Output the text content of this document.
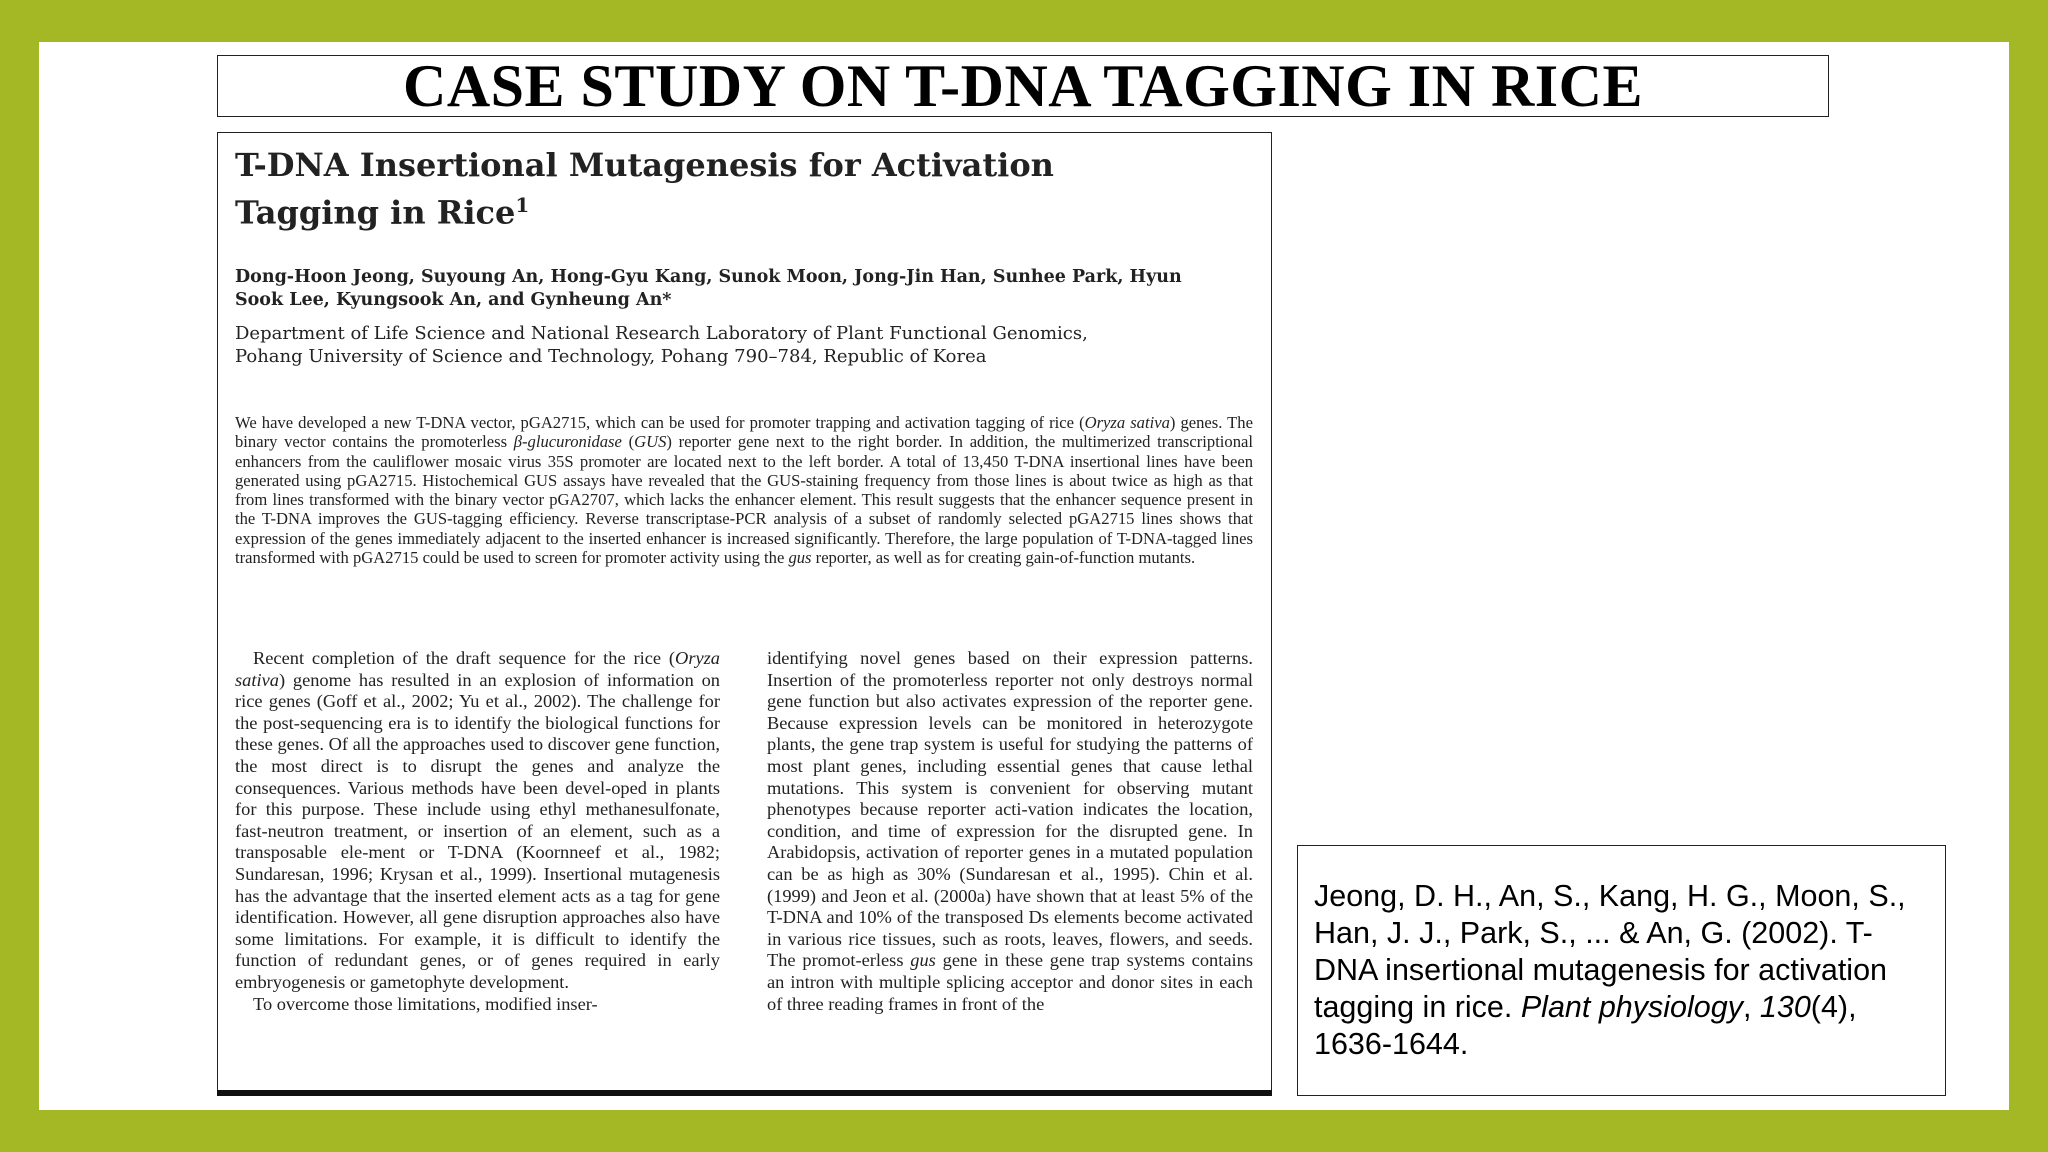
CASE STUDY ON T-DNA TAGGING IN RICE
T-DNA Insertional Mutagenesis for Activation
Tagging in Rice$^1$
Dong-Hoon Jeong, Suyoung An, Hong-Gyu Kang, Sunok Moon, Jong-Jin Han, Sunhee Park, Hyun Sook Lee, Kyungsook An, and Gynheung An*
Department of Life Science and National Research Laboratory of Plant Functional Genomics,
Pohang University of Science and Technology, Pohang 790–784, Republic of Korea
We have developed a new T-DNA vector, pGA2715, which can be used for promoter trapping and activation tagging of rice (Oryza sativa) genes. The binary vector contains the promoterless β-glucuronidase (GUS) reporter gene next to the right border. In addition, the multimerized transcriptional enhancers from the cauliflower mosaic virus 35S promoter are located next to the left border. A total of 13,450 T-DNA insertional lines have been generated using pGA2715. Histochemical GUS assays have revealed that the GUS-staining frequency from those lines is about twice as high as that from lines transformed with the binary vector pGA2707, which lacks the enhancer element. This result suggests that the enhancer sequence present in the T-DNA improves the GUS-tagging efficiency. Reverse transcriptase-PCR analysis of a subset of randomly selected pGA2715 lines shows that expression of the genes immediately adjacent to the inserted enhancer is increased significantly. Therefore, the large population of T-DNA-tagged lines transformed with pGA2715 could be used to screen for promoter activity using the gus reporter, as well as for creating gain-of-function mutants.

Recent completion of the draft sequence for the rice (Oryza sativa) genome has resulted in an explosion of information on rice genes (Goff et al., 2002; Yu et al., 2002). The challenge for the post-sequencing era is to identify the biological functions for these genes. Of all the approaches used to discover gene function, the most direct is to disrupt the genes and analyze the consequences. Various methods have been devel-oped in plants for this purpose. These include using ethyl methanesulfonate, fast-neutron treatment, or insertion of an element, such as a transposable ele-ment or T-DNA (Koornneef et al., 1982; Sundaresan, 1996; Krysan et al., 1999). Insertional mutagenesis has the advantage that the inserted element acts as a tag for gene identification. However, all gene disruption approaches also have some limitations. For example, it is difficult to identify the function of redundant genes, or of genes required in early embryogenesis or gametophyte development.

To overcome those limitations, modified inser-

identifying novel genes based on their expression patterns. Insertion of the promoterless reporter not only destroys normal gene function but also activates expression of the reporter gene. Because expression levels can be monitored in heterozygote plants, the gene trap system is useful for studying the patterns of most plant genes, including essential genes that cause lethal mutations. This system is convenient for observing mutant phenotypes because reporter acti-vation indicates the location, condition, and time of expression for the disrupted gene. In Arabidopsis, activation of reporter genes in a mutated population can be as high as 30% (Sundaresan et al., 1995). Chin et al. (1999) and Jeon et al. (2000a) have shown that at least 5% of the T-DNA and 10% of the transposed Ds elements become activated in various rice tissues, such as roots, leaves, flowers, and seeds. The promot-erless gus gene in these gene trap systems contains an intron with multiple splicing acceptor and donor sites in each of three reading frames in front of the

Jeong, D. H., An, S., Kang, H. G., Moon, S., Han, J. J., Park, S., ... & An, G. (2002). T-DNA insertional mutagenesis for activation tagging in rice. Plant physiology, 130(4), 1636-1644.
